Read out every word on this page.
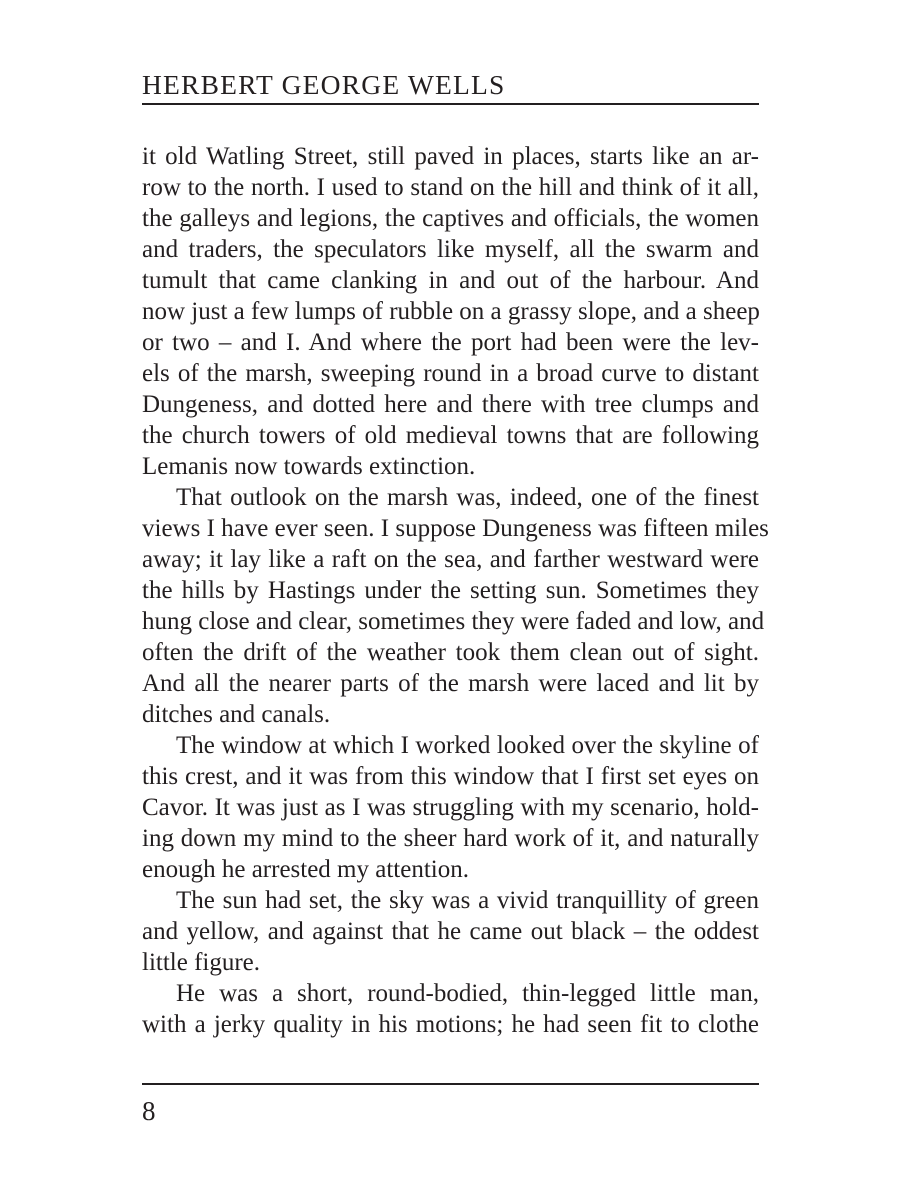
HERBERT GEORGE WELLS

it old Watling Street, still paved in places, starts like an ar-
row to the north. I used to stand on the hill and think of it all,
the galleys and legions, the captives and officials, the women
and traders, the speculators like myself, all the swarm and
tumult that came clanking in and out of the harbour. And
now just a few lumps of rubble on a grassy slope, and a sheep
or two – and I. And where the port had been were the lev-
els of the marsh, sweeping round in a broad curve to distant
Dungeness, and dotted here and there with tree clumps and
the church towers of old medieval towns that are following
Lemanis now towards extinction.

That outlook on the marsh was, indeed, one of the finest
views I have ever seen. I suppose Dungeness was fifteen miles
away; it lay like a raft on the sea, and farther westward were
the hills by Hastings under the setting sun. Sometimes they
hung close and clear, sometimes they were faded and low, and
often the drift of the weather took them clean out of sight.
And all the nearer parts of the marsh were laced and lit by
ditches and canals.

The window at which I worked looked over the skyline of
this crest, and it was from this window that I first set eyes on
Cavor. It was just as I was struggling with my scenario, hold-
ing down my mind to the sheer hard work of it, and naturally
enough he arrested my attention.

The sun had set, the sky was a vivid tranquillity of green
and yellow, and against that he came out black – the oddest
little figure.

He was a short, round-bodied, thin-legged little man,
with a jerky quality in his motions; he had seen fit to clothe

8
